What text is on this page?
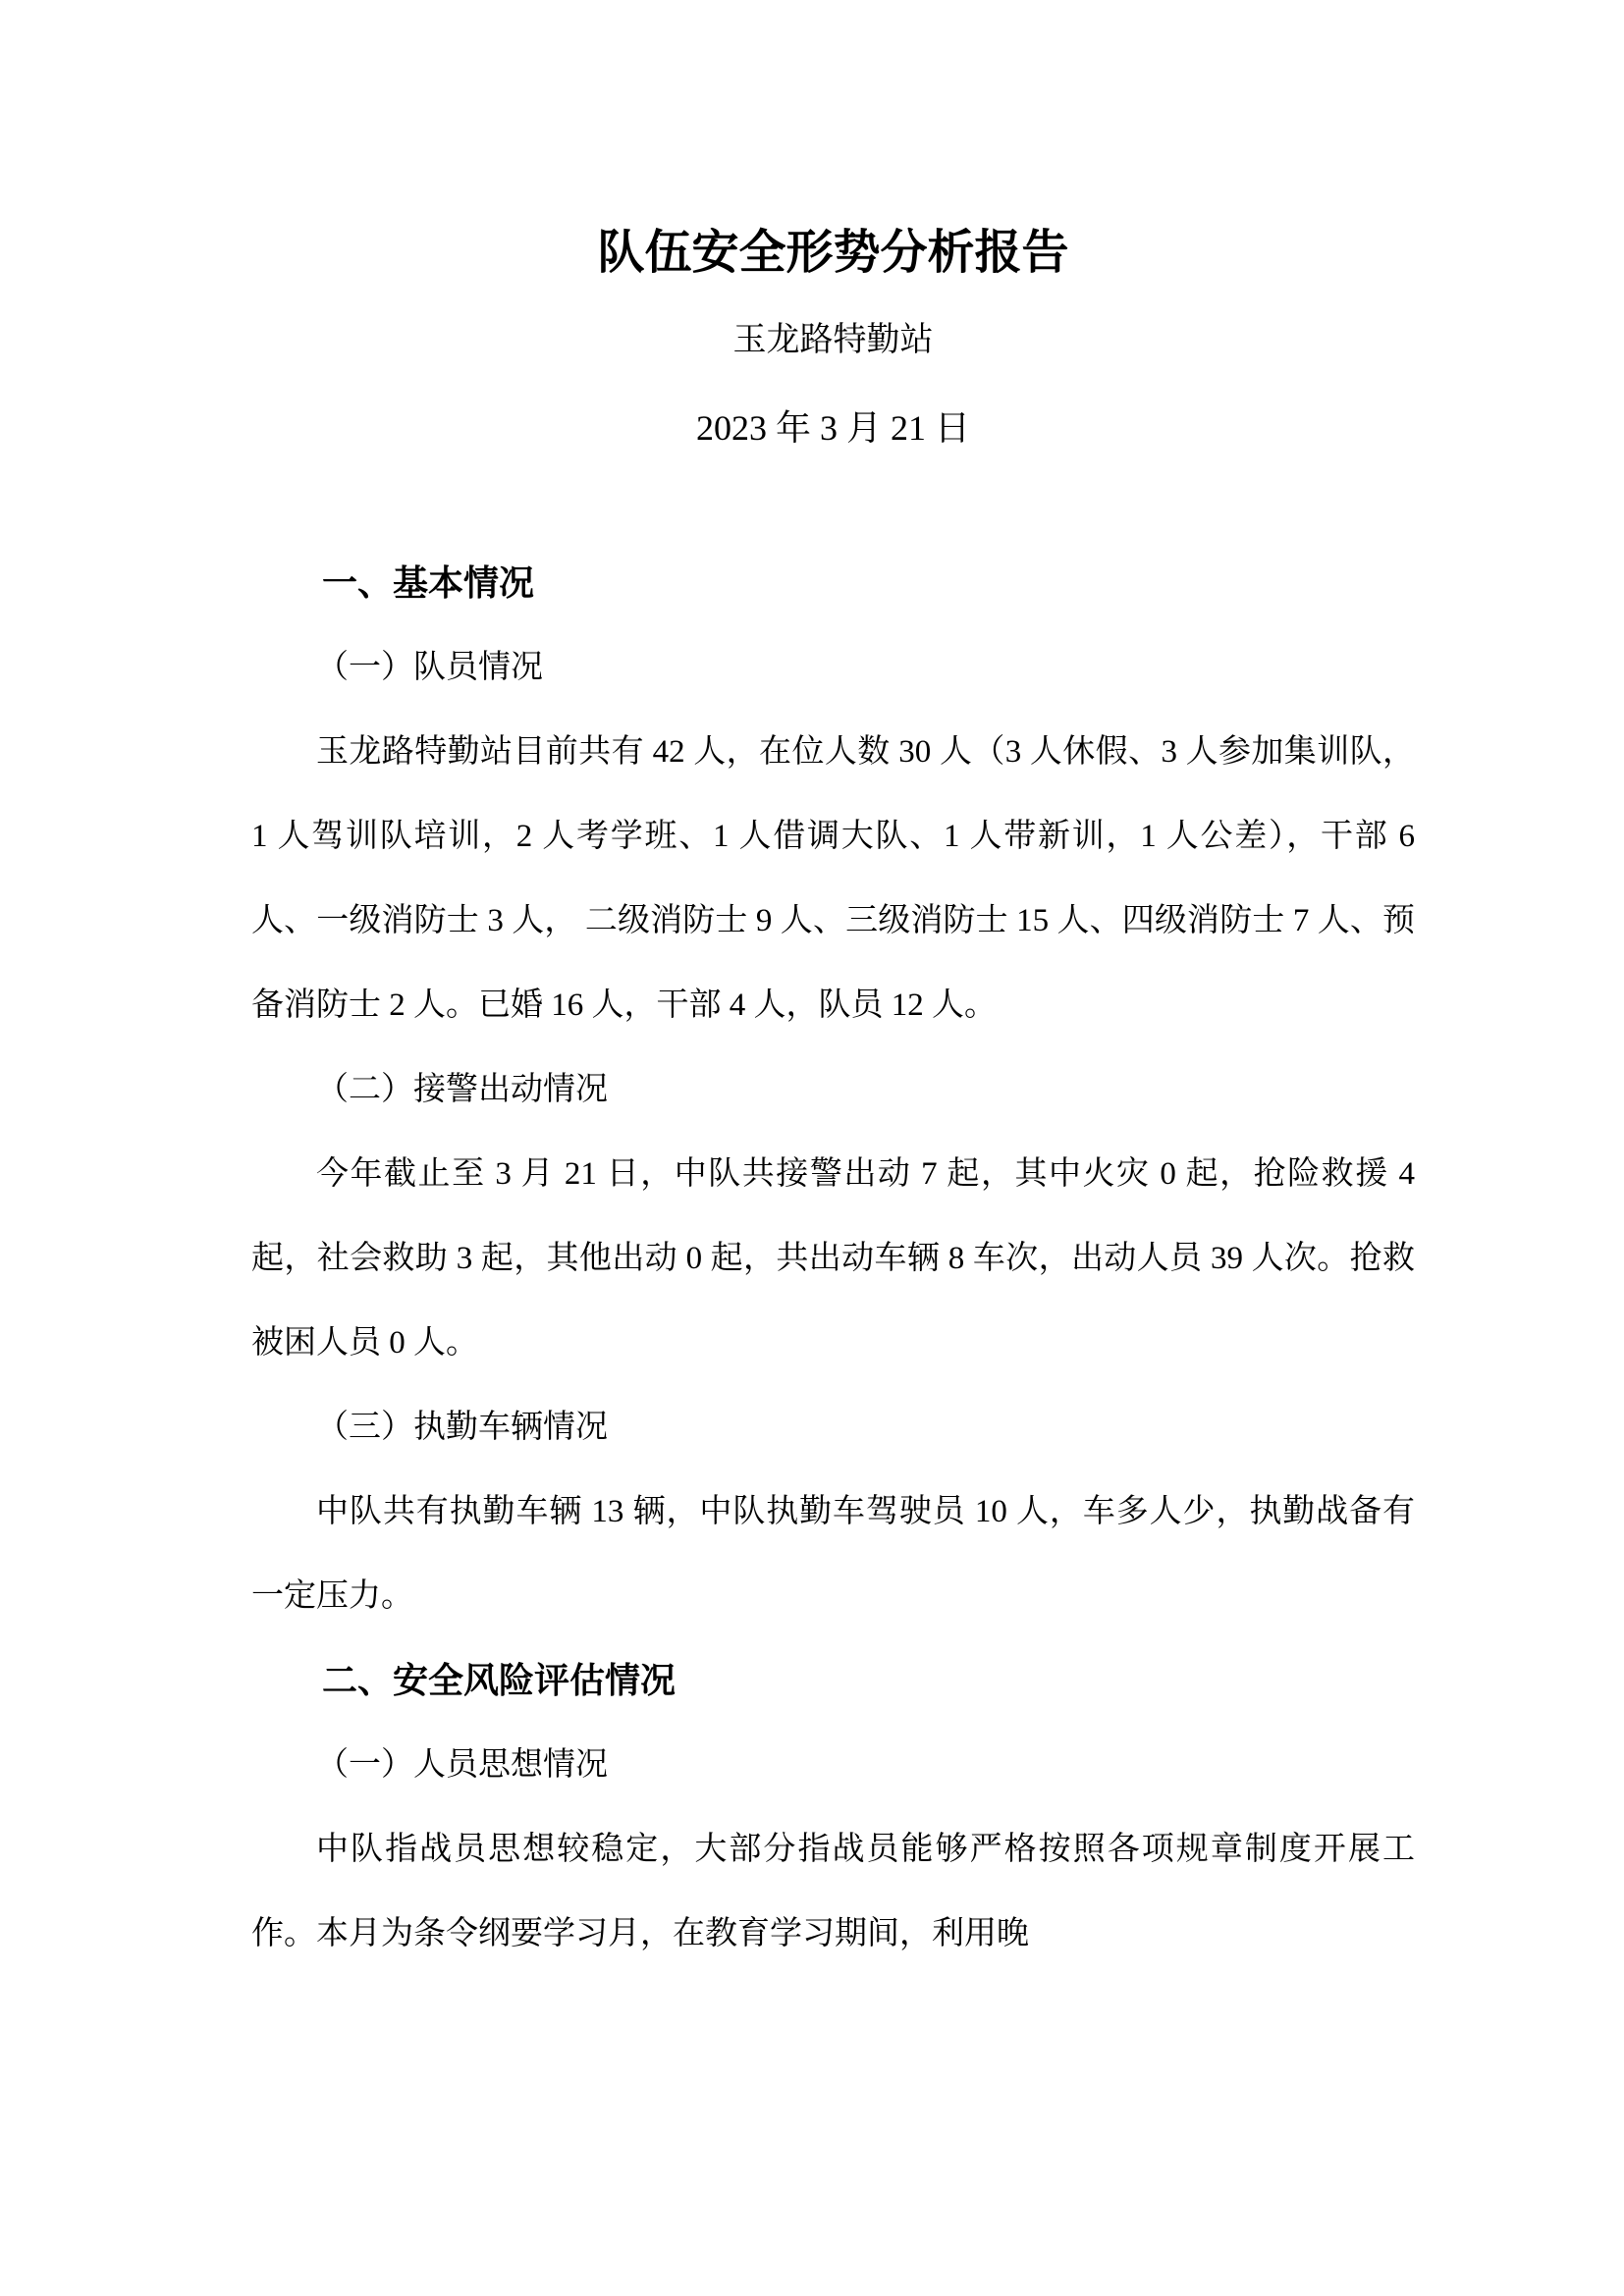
队伍安全形势分析报告
玉龙路特勤站
2023 年 3 月 21 日

一、基本情况

（一）队员情况

玉龙路特勤站目前共有 42 人，在位人数 30 人（3 人休假、3 人参加集训队，1 人驾训队培训，2 人考学班、1 人借调大队、1 人带新训，1 人公差），干部 6 人、一级消防士 3 人， 二级消防士 9 人、三级消防士 15 人、四级消防士 7 人、预备消防士 2 人。已婚 16 人，干部 4 人，队员 12 人。

（二）接警出动情况

今年截止至 3 月 21 日，中队共接警出动 7 起，其中火灾 0 起，抢险救援 4 起，社会救助 3 起，其他出动 0 起，共出动车辆 8 车次，出动人员 39 人次。抢救被困人员 0 人。

（三）执勤车辆情况

中队共有执勤车辆 13 辆，中队执勤车驾驶员 10 人，车多人少，执勤战备有一定压力。

二、安全风险评估情况

（一）人员思想情况

中队指战员思想较稳定，大部分指战员能够严格按照各项规章制度开展工作。本月为条令纲要学习月，在教育学习期间，利用晚
